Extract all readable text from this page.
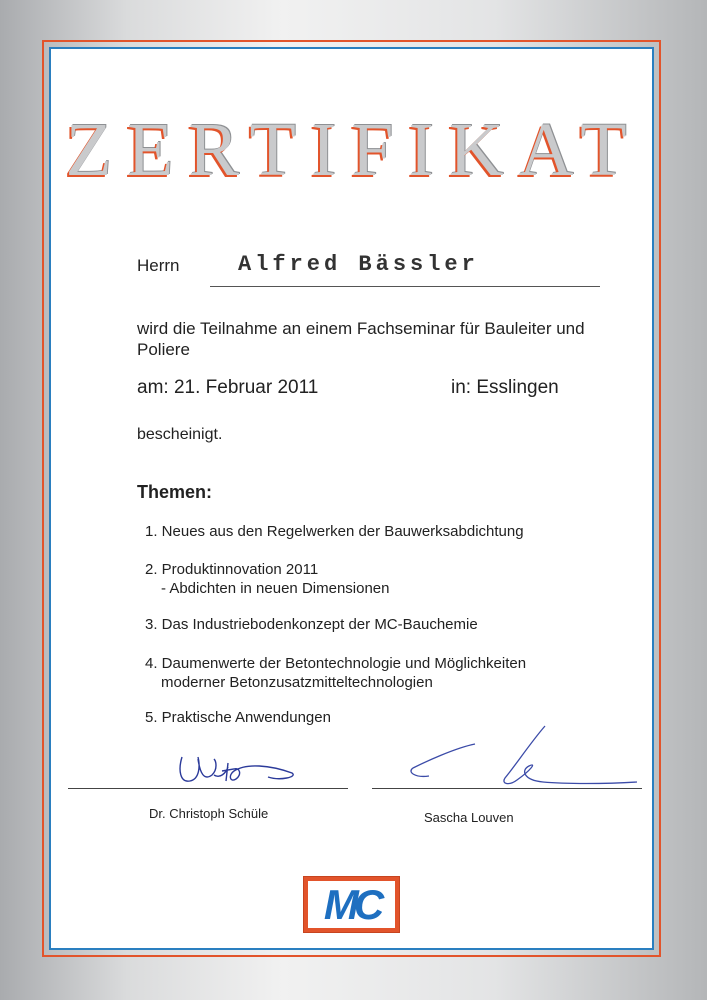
ZERTIFIKAT
Herrn	Alfred Bässler
wird die Teilnahme an einem Fachseminar für Bauleiter und Poliere
am: 21. Februar 2011	in: Esslingen
bescheinigt.
Themen:
1. Neues aus den Regelwerken der Bauwerksabdichtung
2. Produktinnovation 2011
- Abdichten in neuen Dimensionen
3. Das Industriebodenkonzept der MC-Bauchemie
4. Daumenwerte der Betontechnologie und Möglichkeiten
moderner Betonzusatzmitteltechnologien
5. Praktische Anwendungen
Dr. Christoph Schüle	Sascha Louven
MC
